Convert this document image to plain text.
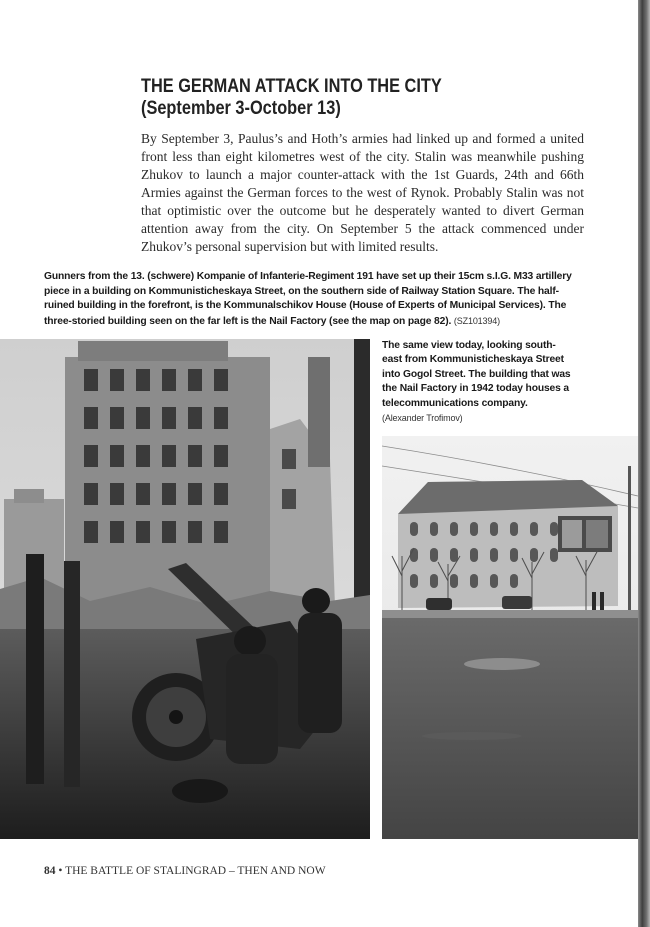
THE GERMAN ATTACK INTO THE CITY
(September 3-October 13)

By September 3, Paulus’s and Hoth’s armies had linked up and formed a united front less than eight kilometres west of the city. Stalin was meanwhile pushing Zhukov to launch a major counter-attack with the 1st Guards, 24th and 66th Armies against the German forces to the west of Rynok. Probably Stalin was not that optimistic over the outcome but he desperately wanted to divert German attention away from the city. On September 5 the attack commenced under Zhukov’s personal supervision but with limited results.

Gunners from the 13. (schwere) Kompanie of Infanterie-Regiment 191 have set up their 15cm s.I.G. M33 artillery piece in a building on Kommunisticheskaya Street, on the southern side of Railway Station Square. The half-ruined building in the forefront, is the Kommunalschikov House (House of Experts of Municipal Services). The three-storied building seen on the far left is the Nail Factory (see the map on page 82). (SZ101394)

The same view today, looking south-east from Kommunisticheskaya Street into Gogol Street. The building that was the Nail Factory in 1942 today houses a telecommunications company.
(Alexander Trofimov)

84 • THE BATTLE OF STALINGRAD – THEN AND NOW
